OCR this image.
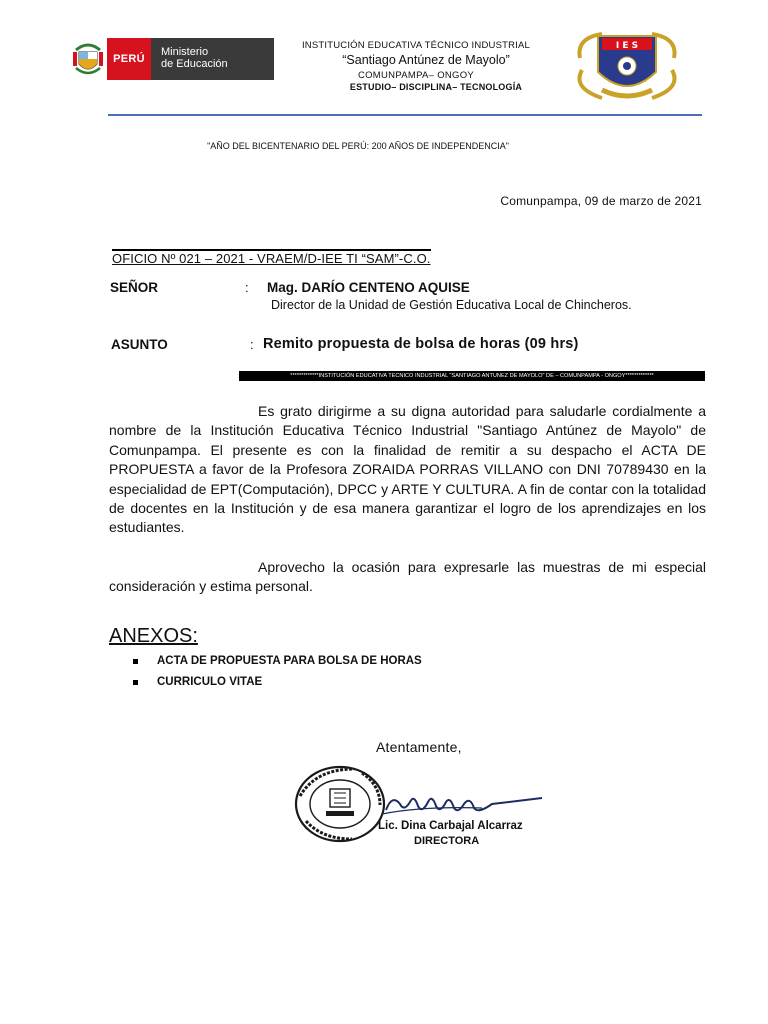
PERÚ
Ministerio
de Educación
INSTITUCIÓN EDUCATIVA TÉCNICO INDUSTRIAL
“Santiago Antúnez de Mayolo”
COMUNPAMPA– ONGOY
ESTUDIO– DISCIPLINA– TECNOLOGÍA
I E S
"AÑO DEL BICENTENARIO DEL PERÚ: 200 AÑOS DE INDEPENDENCIA"
Comunpampa, 09 de marzo de 2021
OFICIO Nº 021 – 2021 - VRAEM/D-IEE TI “SAM”-C.O.
SEÑOR	: Mag. DARÍO CENTENO AQUISE
Director de la Unidad de Gestión Educativa Local de Chincheros.
ASUNTO	: Remito propuesta de bolsa de horas (09 hrs)
*************INSTITUCIÓN EDUCATIVA TECNICO INDUSTRIAL "SANTIAGO ANTUNEZ DE MAYOLO" DE – COMUNPAMPA - ONGOY*************
Es grato dirigirme a su digna autoridad para saludarle cordialmente a nombre de la Institución Educativa Técnico Industrial "Santiago Antúnez de Mayolo" de Comunpampa. El presente es con la finalidad de remitir a su despacho el ACTA DE PROPUESTA a favor de la Profesora ZORAIDA PORRAS VILLANO con DNI 70789430 en la especialidad de EPT(Computación), DPCC y ARTE Y CULTURA. A fin de contar con la totalidad de docentes en la Institución y de esa manera garantizar el logro de los aprendizajes en los estudiantes.
Aprovecho la ocasión para expresarle las muestras de mi especial consideración y estima personal.
ANEXOS:
ACTA DE PROPUESTA PARA BOLSA DE HORAS
CURRICULO VITAE
Atentamente,
Lic. Dina Carbajal Alcarraz
DIRECTORA
